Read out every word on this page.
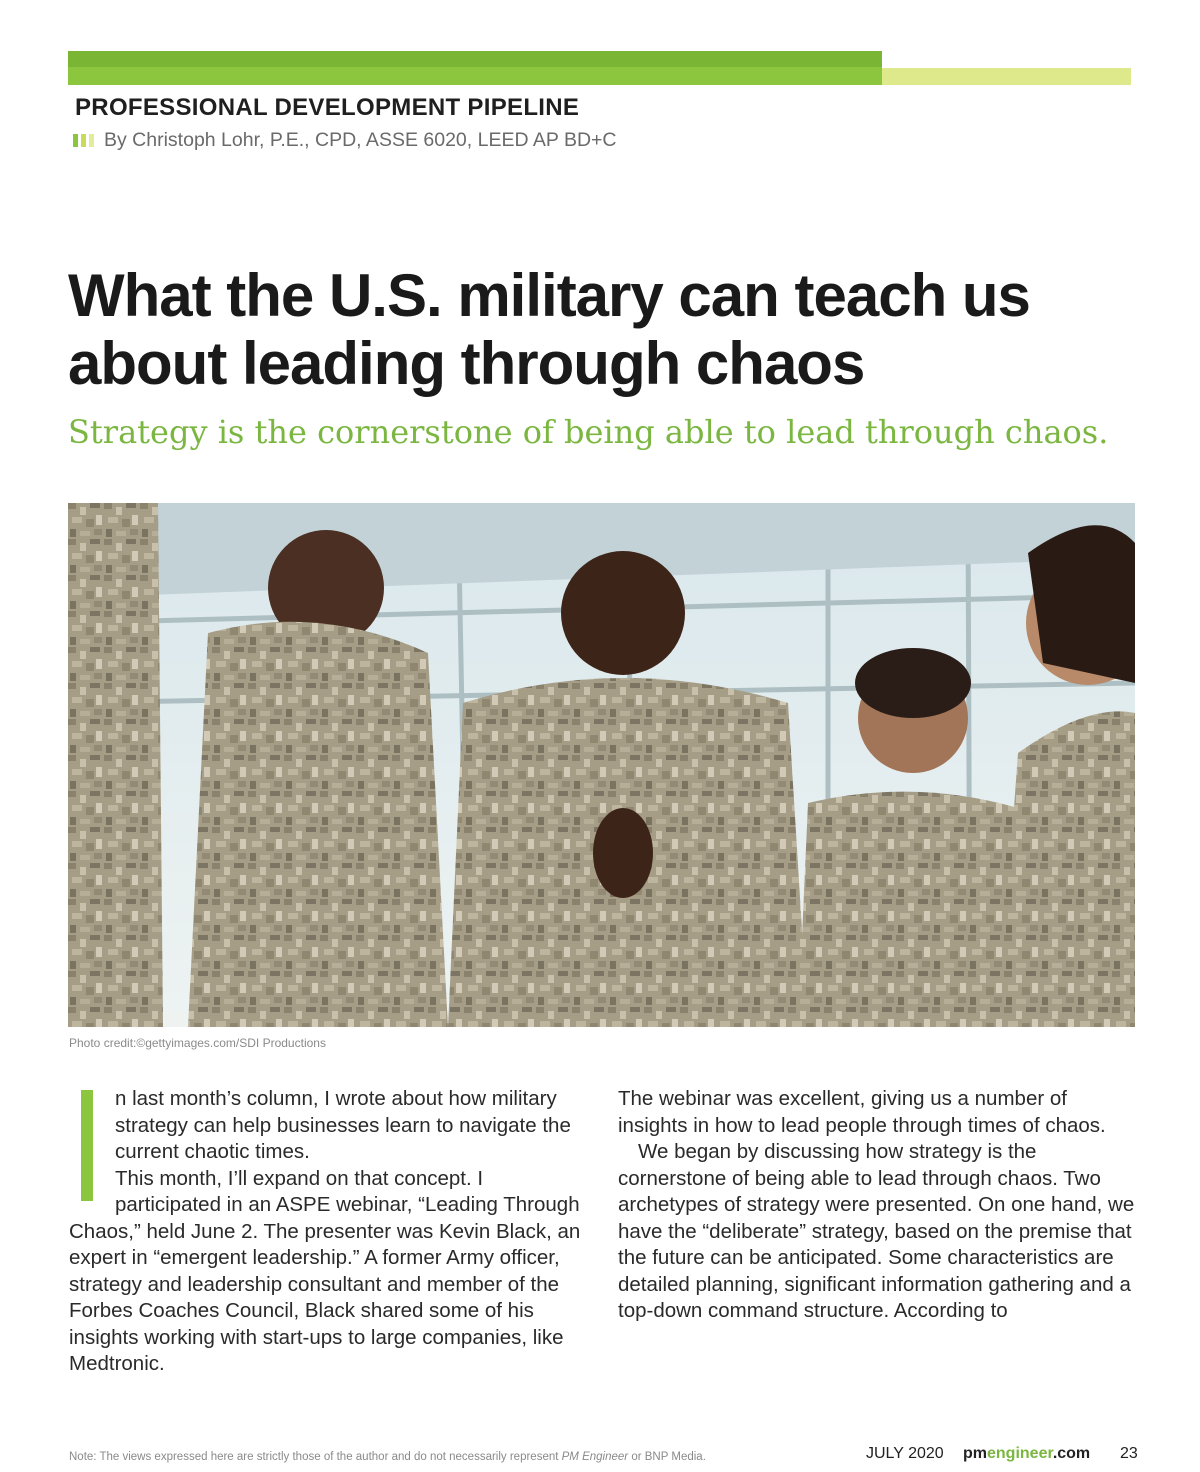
PROFESSIONAL DEVELOPMENT PIPELINE
By Christoph Lohr, P.E., CPD, ASSE 6020, LEED AP BD+C
What the U.S. military can teach us about leading through chaos

Strategy is the cornerstone of being able to lead through chaos.

Photo credit:©gettyimages.com/SDI Productions

n last month’s column, I wrote about how military strategy can help businesses learn to navigate the current chaotic times.

This month, I’ll expand on that concept. I participated in an ASPE webinar, “Leading Through Chaos,” held June 2. The presenter was Kevin Black, an expert in “emergent leadership.” A former Army officer, strategy and leadership consultant and member of the Forbes Coaches Council, Black shared some of his insights working with start-ups to large companies, like Medtronic.

The webinar was excellent, giving us a number of insights in how to lead people through times of chaos.

We began by discussing how strategy is the cornerstone of being able to lead through chaos. Two archetypes of strategy were presented. On one hand, we have the “deliberate” strategy, based on the premise that the future can be anticipated. Some characteristics are detailed planning, significant information gathering and a top-down command structure. According to

Note: The views expressed here are strictly those of the author and do not necessarily represent PM Engineer or BNP Media.	JULY 2020 pmengineer.com 23
